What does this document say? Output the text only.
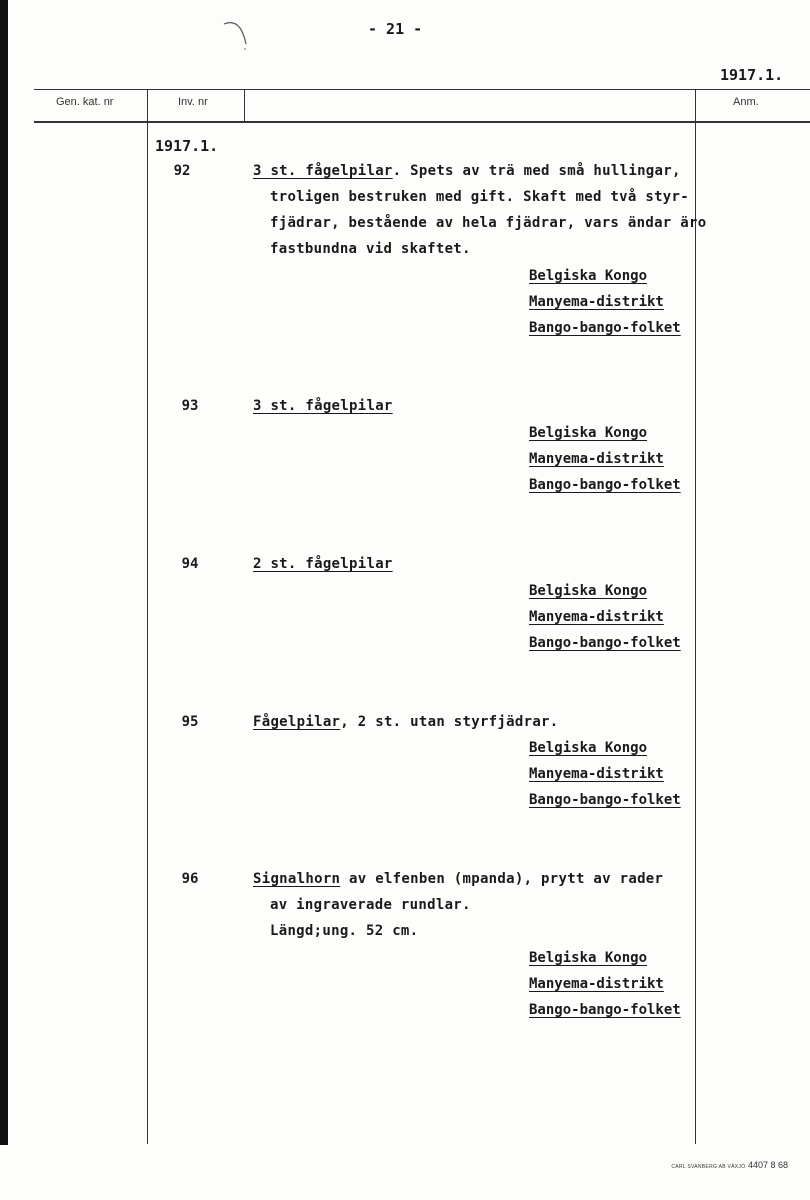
- 21 -
1917.1.
Gen. kat. nr	Inv. nr	Anm.
1917.1.
92	3 st. fågelpilar. Spets av trä med små hullingar,
troligen bestruken med gift. Skaft med två styr-
fjädrar, bestående av hela fjädrar, vars ändar äro
fastbundna vid skaftet.
Belgiska Kongo
Manyema-distrikt
Bango-bango-folket
93	3 st. fågelpilar
Belgiska Kongo
Manyema-distrikt
Bango-bango-folket
94	2 st. fågelpilar
Belgiska Kongo
Manyema-distrikt
Bango-bango-folket
95	Fågelpilar, 2 st. utan styrfjädrar.
Belgiska Kongo
Manyema-distrikt
Bango-bango-folket
96	Signalhorn av elfenben (mpanda), prytt av rader
av ingraverade rundlar.
Längd;ung. 52 cm.
Belgiska Kongo
Manyema-distrikt
Bango-bango-folket
CARL SVANBERG AB VÄXJÖ 4407 8 68
